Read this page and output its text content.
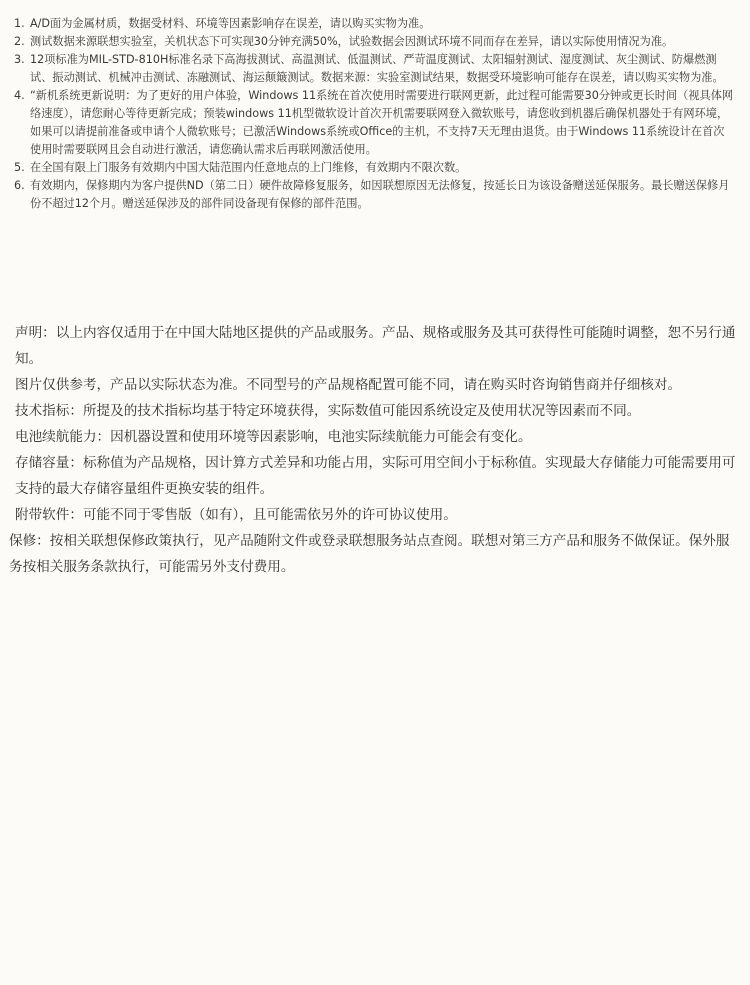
1. A/D面为金属材质，数据受材料、环境等因素影响存在误差，请以购买实物为准。
2. 测试数据来源联想实验室，关机状态下可实现30分钟充满50%，试验数据会因测试环境不同而存在差异，请以实际使用情况为准。
3. 12项标准为MIL-STD-810H标准名录下高海拔测试、高温测试、低温测试、严苛温度测试、太阳辐射测试、湿度测试、灰尘测试、防爆燃测试、振动测试、机械冲击测试、冻融测试、海运颠簸测试。数据来源：实验室测试结果，数据受环境影响可能存在误差，请以购买实物为准。
4. “新机系统更新说明：为了更好的用户体验，Windows 11系统在首次使用时需要进行联网更新，此过程可能需要30分钟或更长时间（视具体网络速度），请您耐心等待更新完成；预装windows 11机型微软设计首次开机需要联网登入微软账号，请您收到机器后确保机器处于有网环境，如果可以请提前准备或申请个人微软账号；已激活Windows系统或Office的主机，不支持7天无理由退货。由于Windows 11系统设计在首次使用时需要联网且会自动进行激活，请您确认需求后再联网激活使用。
5. 在全国有限上门服务有效期内中国大陆范围内任意地点的上门维修，有效期内不限次数。
6. 有效期内，保修期内为客户提供ND（第二日）硬件故障修复服务，如因联想原因无法修复，按延长日为该设备赠送延保服务。最长赠送保修月份不超过12个月。赠送延保涉及的部件同设备现有保修的部件范围。

声明：以上内容仅适用于在中国大陆地区提供的产品或服务。产品、规格或服务及其可获得性可能随时调整，恕不另行通知。

图片仅供参考，产品以实际状态为准。不同型号的产品规格配置可能不同，请在购买时咨询销售商并仔细核对。

技术指标：所提及的技术指标均基于特定环境获得，实际数值可能因系统设定及使用状况等因素而不同。

电池续航能力：因机器设置和使用环境等因素影响，电池实际续航能力可能会有变化。

存储容量：标称值为产品规格，因计算方式差异和功能占用，实际可用空间小于标称值。实现最大存储能力可能需要用可支持的最大存储容量组件更换安装的组件。

附带软件：可能不同于零售版（如有），且可能需依另外的许可协议使用。

保修：按相关联想保修政策执行，见产品随附文件或登录联想服务站点查阅。联想对第三方产品和服务不做保证。保外服务按相关服务条款执行，可能需另外支付费用。
